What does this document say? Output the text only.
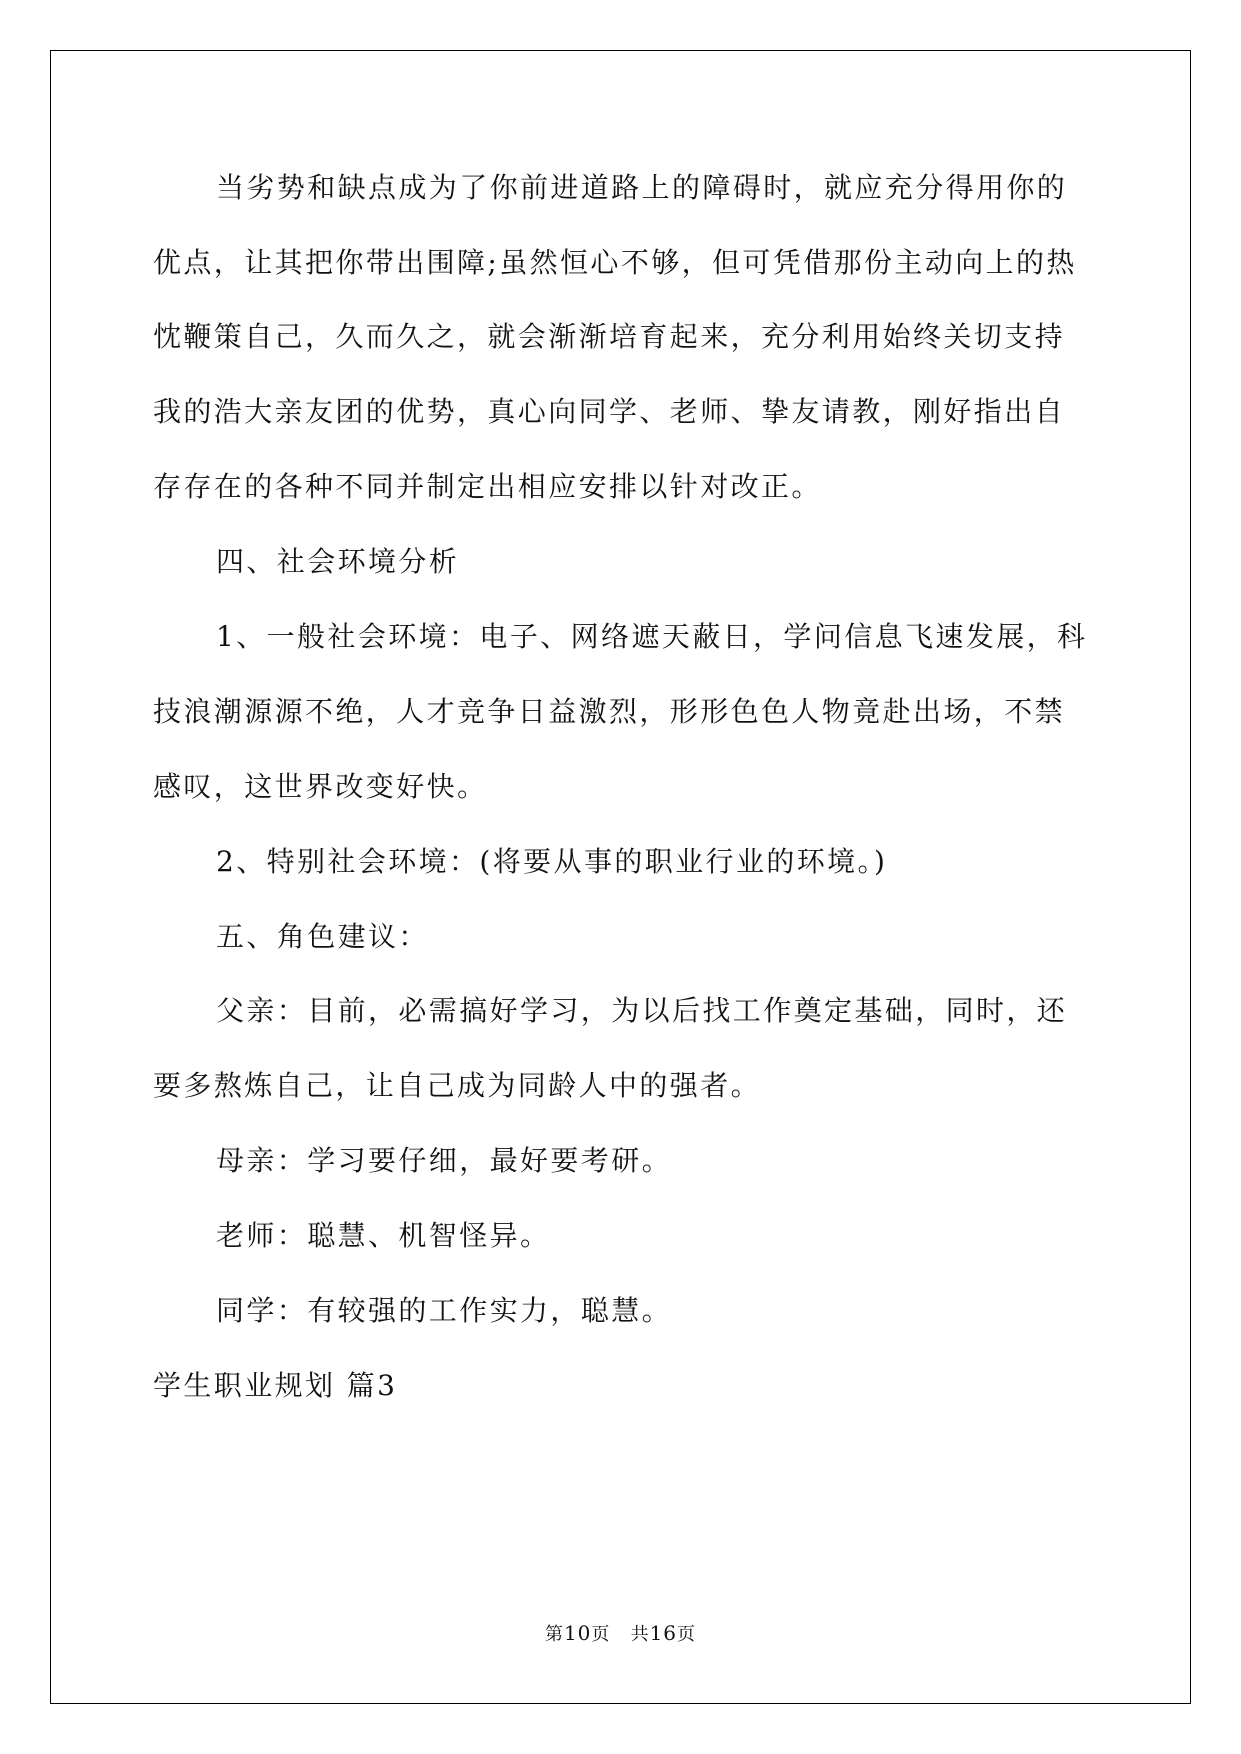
当劣势和缺点成为了你前进道路上的障碍时，就应充分得用你的
优点，让其把你带出围障;虽然恒心不够，但可凭借那份主动向上的热
忱鞭策自己，久而久之，就会渐渐培育起来，充分利用始终关切支持
我的浩大亲友团的优势，真心向同学、老师、挚友请教，刚好指出自
存存在的各种不同并制定出相应安排以针对改正。
四、社会环境分析
1、一般社会环境：电子、网络遮天蔽日，学问信息飞速发展，科
技浪潮源源不绝，人才竞争日益激烈，形形色色人物竟赴出场，不禁
感叹，这世界改变好快。
2、特别社会环境：(将要从事的职业行业的环境。)
五、角色建议：
父亲：目前，必需搞好学习，为以后找工作奠定基础，同时，还
要多熬炼自己，让自己成为同龄人中的强者。
母亲：学习要仔细，最好要考研。
老师：聪慧、机智怪异。
同学：有较强的工作实力，聪慧。
学生职业规划 篇3
第10页 共16页
